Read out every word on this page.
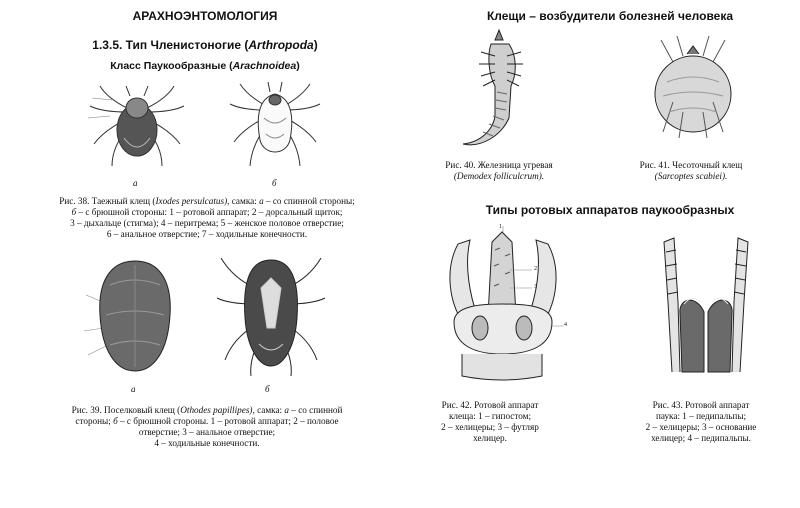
АРАХНОЭНТОМОЛОГИЯ
1.3.5. Тип Членистоногие (Arthropoda)
Класс Паукообразные (Arachnoidea)
а	б
Рис. 38. Таежный клещ (Ixodes persulcatus), самка: а – со спинной стороны;
б – с брюшной стороны: 1 – ротовой аппарат; 2 – дорсальный щиток;
3 – дыхальце (стигма); 4 – перитрема; 5 – женское половое отверстие;
6 – анальное отверстие; 7 – ходильные конечности.
а	б
Рис. 39. Поселковый клещ (Othodes papillipes), самка: а – со спинной
стороны; б – с брюшной стороны. 1 – ротовой аппарат; 2 – половое
отверстие; 3 – анальное отверстие;
4 – ходильные конечности.
Клещи – возбудители болезней человека
Рис. 40. Железница угревая
(Demodex folliculcrum).
Рис. 41. Чесоточный клещ
(Sarcoptes scabiei).
Типы ротовых аппаратов паукообразных
1
2
3
4
Рис. 42. Ротовой аппарат
клеща: 1 – гипостом;
2 – хелицеры; 3 – футляр
хелицер.
Рис. 43. Ротовой аппарат
паука: 1 – педипальпы;
2 – хелицеры; 3 – основание
хелицер; 4 – педипальпы.
